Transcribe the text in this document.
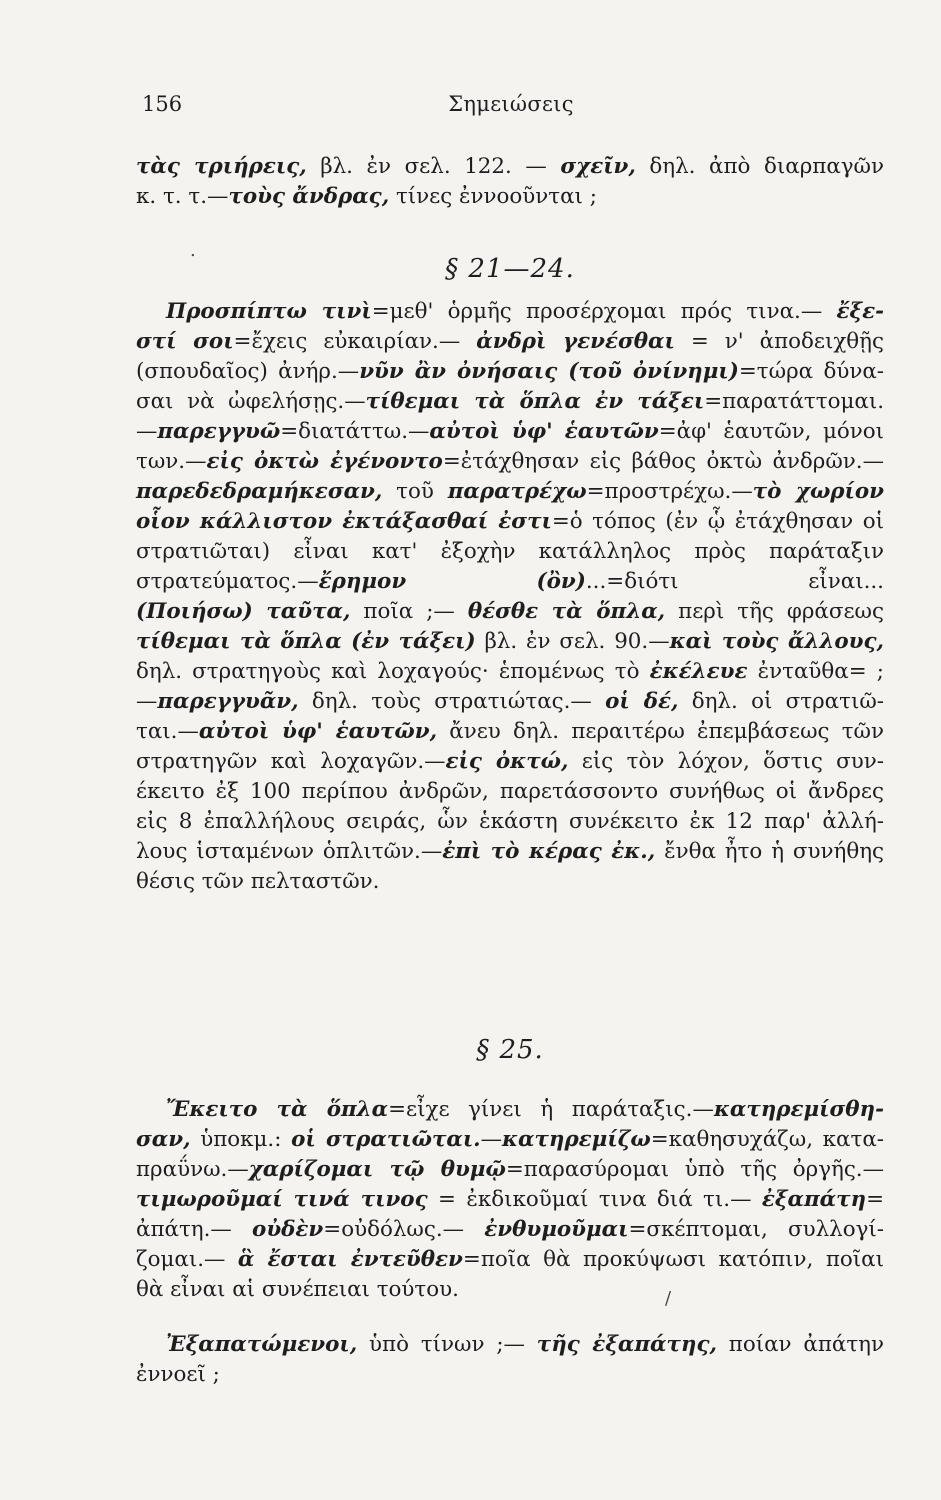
156	Σημειώσεις
§ 21—24.
§ 25.
τὰς τριήρεις, βλ. ἐν σελ. 122. — σχεῖν, δηλ. ἀπὸ διαρπαγῶν
κ. τ. τ.—τοὺς ἄνδρας, τίνες ἐννοοῦνται ;
Προσπίπτω τινὶ=μεθ' ὁρμῆς προσέρχομαι πρός τινα.— ἔξε-
στί σοι=ἔχεις εὐκαιρίαν.— ἀνδρὶ γενέσθαι = ν' ἀποδειχθῇς
(σπουδαῖος) ἀνήρ.—νῦν ἂν ὀνήσαις (τοῦ ὀνίνημι)=τώρα δύνα-
σαι νὰ ὠφελήσῃς.—τίθεμαι τὰ ὅπλα ἐν τάξει=παρατάττομαι.
—παρεγγυῶ=διατάττω.—αὐτοὶ ὑφ' ἑαυτῶν=ἀφ' ἑαυτῶν, μόνοι
των.—εἰς ὀκτὼ ἐγένοντο=ἐτάχθησαν εἰς βάθος ὀκτὼ ἀνδρῶν.—
παρεδεδραμήκεσαν, τοῦ παρατρέχω=προστρέχω.—τὸ χωρίον
οἷον κάλλιστον ἐκτάξασθαί ἐστι=ὁ τόπος (ἐν ᾧ ἐτάχθησαν οἱ
στρατιῶται) εἶναι κατ' ἐξοχὴν κατάλληλος πρὸς παράταξιν
στρατεύματος.—ἔρημον (ὂν)...=διότι εἶναι...
(Ποιήσω) ταῦτα, ποῖα ;— θέσθε τὰ ὅπλα, περὶ τῆς φράσεως
τίθεμαι τὰ ὅπλα (ἐν τάξει) βλ. ἐν σελ. 90.—καὶ τοὺς ἄλλους,
δηλ. στρατηγοὺς καὶ λοχαγούς· ἑπομένως τὸ ἐκέλευε ἐνταῦθα= ;
—παρεγγυᾶν, δηλ. τοὺς στρατιώτας.— οἱ δέ, δηλ. οἱ στρατιῶ-
ται.—αὐτοὶ ὑφ' ἑαυτῶν, ἄνευ δηλ. περαιτέρω ἐπεμβάσεως τῶν
στρατηγῶν καὶ λοχαγῶν.—εἰς ὀκτώ, εἰς τὸν λόχον, ὅστις συν-
έκειτο ἐξ 100 περίπου ἀνδρῶν, παρετάσσοντο συνήθως οἱ ἄνδρες
εἰς 8 ἐπαλλήλους σειράς, ὧν ἑκάστη συνέκειτο ἐκ 12 παρ' ἀλλή-
λους ἱσταμένων ὁπλιτῶν.—ἐπὶ τὸ κέρας ἐκ., ἔνθα ἦτο ἡ συνήθης
θέσις τῶν πελταστῶν.
Ἔκειτο τὰ ὅπλα=εἶχε γίνει ἡ παράταξις.—κατηρεμίσθη-
σαν, ὑποκμ.: οἱ στρατιῶται.—κατηρεμίζω=καθησυχάζω, κατα-
πραΰνω.—χαρίζομαι τῷ θυμῷ=παρασύρομαι ὑπὸ τῆς ὀργῆς.—
τιμωροῦμαί τινά τινος = ἐκδικοῦμαί τινα διά τι.— ἐξαπάτη=
ἀπάτη.— οὐδὲν=οὐδόλως.— ἐνθυμοῦμαι=σκέπτομαι, συλλογί-
ζομαι.— ἃ ἔσται ἐντεῦθεν=ποῖα θὰ προκύψωσι κατόπιν, ποῖαι
θὰ εἶναι αἱ συνέπειαι τούτου.
Ἐξαπατώμενοι, ὑπὸ τίνων ;— τῆς ἐξαπάτης, ποίαν ἀπάτην
ἐννοεῖ ;
.
/
